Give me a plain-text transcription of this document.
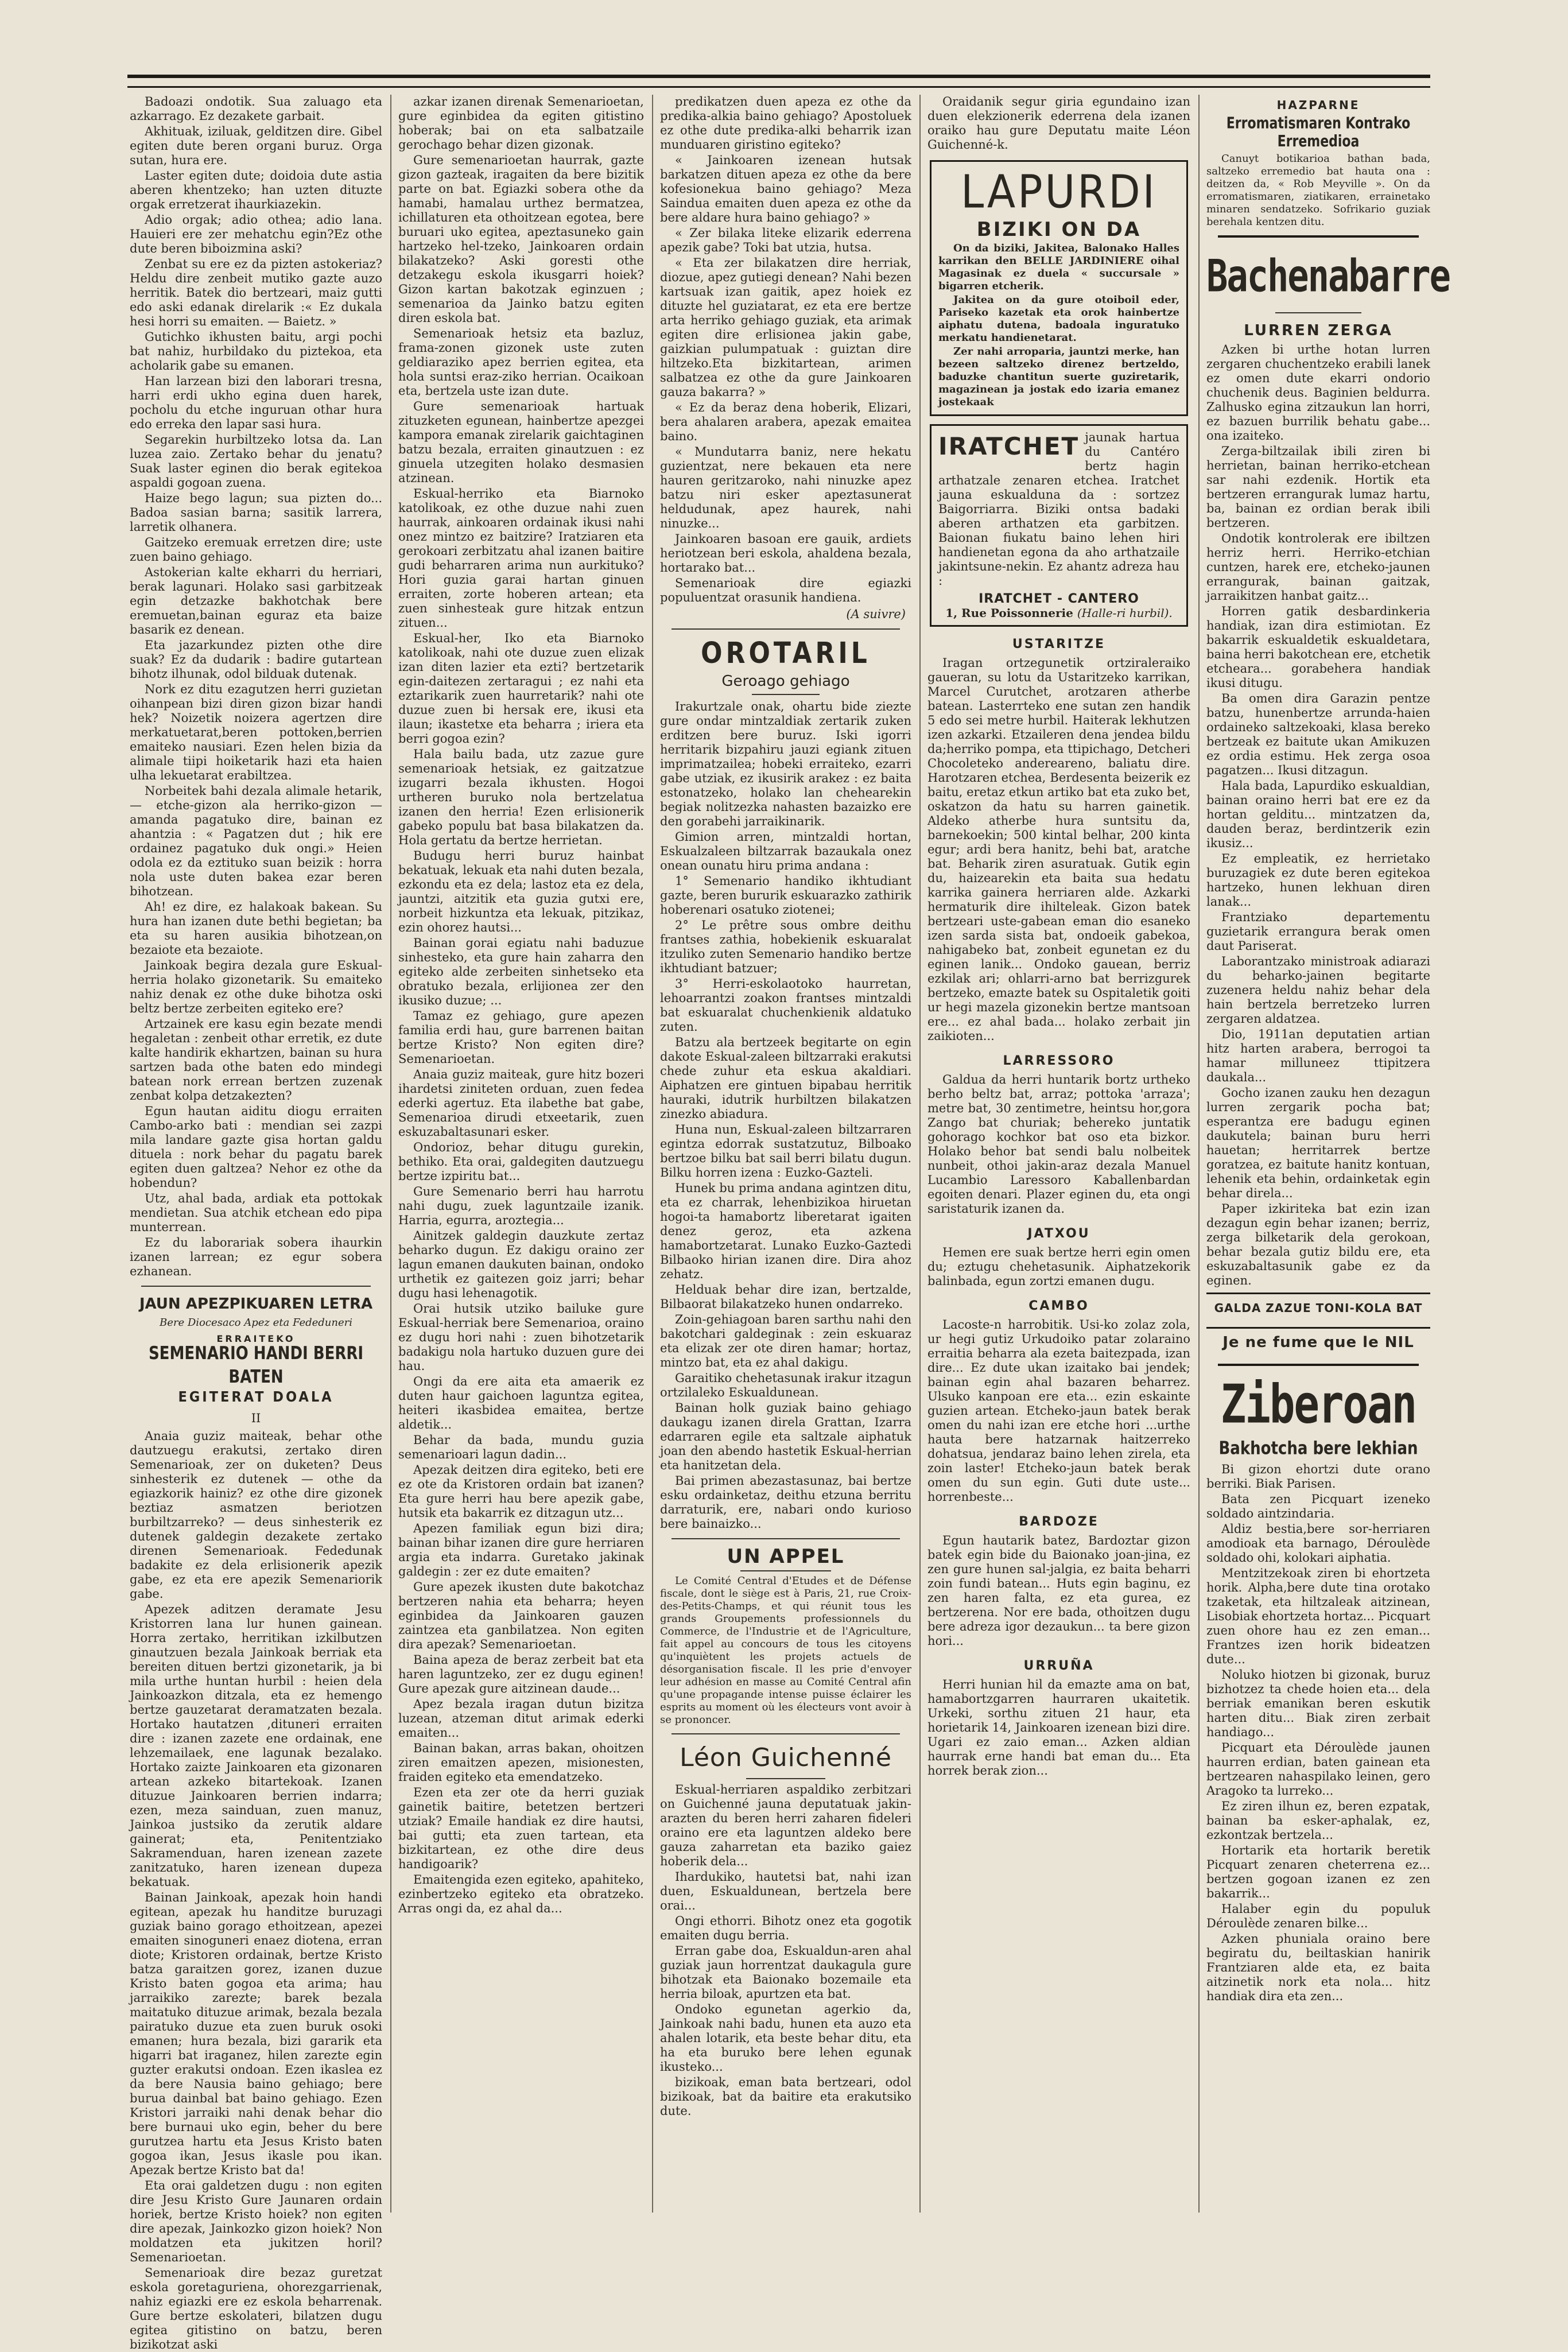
Badoazi ondotik. Sua zaluago eta azkarrago. Ez dezakete garbait.

Akhituak, iziluak, gelditzen dire. Gibel egiten dute beren organi buruz. Orga sutan, hura ere.

Laster egiten dute; doidoia dute astia aberen khentzeko; han uzten dituzte orgak erretzerat ihaurkiazekin.

Adio orgak; adio othea; adio lana. Hauieri ere zer mehatchu egin?Ez othe dute beren biboizmina aski?

Zenbat su ere ez da pizten astokeriaz? Heldu dire zenbeit mutiko gazte auzo herritik. Batek dio bertzeari, maiz gutti edo aski edanak direlarik :« Ez dukala hesi horri su emaiten. — Baietz. »

Gutichko ikhusten baitu, argi pochi bat nahiz, hurbildako du piztekoa, eta acholarik gabe su emanen.

Han larzean bizi den laborari tresna, harri erdi ukho egina duen harek, pocholu du etche inguruan othar hura edo erreka den lapar sasi hura.

Segarekin hurbiltzeko lotsa da. Lan luzea zaio. Zertako behar du jenatu? Suak laster eginen dio berak egitekoa aspaldi gogoan zuena.

Haize bego lagun; sua pizten do... Badoa sasian barna; sasitik larrera, larretik olhanera.

Gaitzeko eremuak erretzen dire; uste zuen baino gehiago.

Astokerian kalte ekharri du herriari, berak lagunari. Holako sasi garbitzeak egin detzazke bakhotchak bere eremuetan,bainan eguraz eta baize basarik ez denean.

Eta jazarkundez pizten othe dire suak? Ez da dudarik : badire gutartean bihotz ilhunak, odol bilduak dutenak.

Nork ez ditu ezagutzen herri guzietan oihanpean bizi diren gizon bizar handi hek? Noizetik noizera agertzen dire merkatuetarat,beren pottoken,berrien emaiteko nausiari. Ezen helen bizia da alimale tiipi hoiketarik hazi eta haien ulha lekuetarat erabiltzea.

Norbeitek bahi dezala alimale hetarik, — etche-gizon ala herriko-gizon — amanda pagatuko dire, bainan ez ahantzia : « Pagatzen dut ; hik ere ordainez pagatuko duk ongi.» Heien odola ez da eztituko suan beizik : horra nola uste duten bakea ezar beren bihotzean.

Ah! ez dire, ez halakoak bakean. Su hura han izanen dute bethi begietan; ba eta su haren ausikia bihotzean,on bezaiote eta bezaiote.

Jainkoak begira dezala gure Eskual-herria holako gizonetarik. Su emaiteko nahiz denak ez othe duke bihotza oski beltz bertze zerbeiten egiteko ere?

Artzainek ere kasu egin bezate mendi hegaletan : zenbeit othar erretik, ez dute kalte handirik ekhartzen, bainan su hura sartzen bada othe baten edo mindegi batean nork errean bertzen zuzenak zenbat kolpa detzakezten?

Egun hautan aiditu diogu erraiten Cambo-arko bati : mendian sei zazpi mila landare gazte gisa hortan galdu dituela : nork behar du pagatu barek egiten duen galtzea? Nehor ez othe da hobendun?

Utz, ahal bada, ardiak eta pottokak mendietan. Sua atchik etchean edo pipa munterrean.

Ez du laborariak sobera ihaurkin izanen larrean; ez egur sobera ezhanean.

JAUN APEZPIKUAREN LETRA
Bere Diocesaco Apez eta Fededuneri
ERRAITEKO
SEMENARIO HANDI BERRI BATEN
EGITERAT DOALA
II

Anaia guziz maiteak, behar othe dautzuegu erakutsi, zertako diren Semenarioak, zer on duketen? Deus sinhesterik ez dutenek — othe da egiazkorik hainiz? ez othe dire gizonek beztiaz asmatzen beriotzen burbiltzarreko? — deus sinhesterik ez dutenek galdegin dezakete zertako direnen Semenarioak. Fededunak badakite ez dela erlisionerik apezik gabe, ez eta ere apezik Semenariorik gabe.

Apezek aditzen deramate Jesu Kristorren lana lur hunen gainean. Horra zertako, herritikan izkilbutzen ginautzuen bezala Jainkoak berriak eta bereiten dituen bertzi gizonetarik, ja bi mila urthe huntan hurbil : heien dela Jainkoazkon ditzala, eta ez hemengo bertze gauzetarat deramatzaten bezala. Hortako hautatzen ,dituneri erraiten dire : izanen zazete ene ordainak, ene lehzemailaek, ene lagunak bezalako. Hortako zaizte Jainkoaren eta gizonaren artean azkeko bitartekoak. Izanen dituzue Jainkoaren berrien indarra; ezen, meza sainduan, zuen manuz, Jainkoa justsiko da zerutik aldare gainerat; eta, Penitentziako Sakramenduan, haren izenean zazete zanitzatuko, haren izenean dupeza bekatuak.

Bainan Jainkoak, apezak hoin handi egitean, apezak hu handitze buruzagi guziak baino gorago ethoitzean, apezei emaiten sinoguneri enaez diotena, erran diote; Kristoren ordainak, bertze Kristo batza garaitzen gorez, izanen duzue Kristo baten gogoa eta arima; hau jarraikiko zarezte; barek bezala maitatuko dituzue arimak, bezala bezala pairatuko duzue eta zuen buruk osoki emanen; hura bezala, bizi gararik eta higarri bat iraganez, hilen zarezte egin guzter erakutsi ondoan. Ezen ikaslea ez da bere Nausia baino gehiago; bere burua dainbal bat baino gehiago. Ezen Kristori jarraiki nahi denak behar dio bere burnaui uko egin, beher du bere gurutzea hartu eta Jesus Kristo baten gogoa ikan, Jesus ikasle pou ikan. Apezak bertze Kristo bat da!

Eta orai galdetzen dugu : non egiten dire Jesu Kristo Gure Jaunaren ordain horiek, bertze Kristo hoiek? non egiten dire apezak, Jainkozko gizon hoiek? Non moldatzen eta jukitzen horil? Semenarioetan.

Semenarioak dire bezaz guretzat eskola goretaguriena, ohorezgarrienak, nahiz egiazki ere ez eskola beharrenak. Gure bertze eskolateri, bilatzen dugu egitea gitistino on batzu, beren bizikotzat aski

azkar izanen direnak Semenarioetan, gure eginbidea da egiten gitistino hoberak; bai on eta salbatzaile gerochago behar dizen gizonak.

Gure semenarioetan haurrak, gazte gizon gazteak, iragaiten da bere bizitik parte on bat. Egiazki sobera othe da hamabi, hamalau urthez bermatzea, ichillaturen eta othoitzean egotea, bere buruari uko egitea, apeztasuneko gain hartzeko hel-tzeko, Jainkoaren ordain bilakatzeko? Aski goresti othe detzakegu eskola ikusgarri hoiek? Gizon kartan bakotzak eginzuen ; semenarioa da Jainko batzu egiten diren eskola bat.

Semenarioak hetsiz eta bazluz, frama-zonen gizonek uste zuten geldiaraziko apez berrien egitea, eta hola suntsi eraz-ziko herrian. Ocaikoan eta, bertzela uste izan dute.

Gure semenarioak hartuak zituzketen egunean, hainbertze apezgei kampora emanak zirelarik gaichtaginen batzu bezala, erraiten ginautzuen : ez ginuela utzegiten holako desmasien atzinean.

Eskual-herriko eta Biarnoko katolikoak, ez othe duzue nahi zuen haurrak, ainkoaren ordainak ikusi nahi onez mintzo ez baitzire? Iratziaren eta gerokoari zerbitzatu ahal izanen baitire gudi beharraren arima nun aurkituko? Hori guzia garai hartan ginuen erraiten, zorte hoberen artean; eta zuen sinhesteak gure hitzak entzun zituen...

Eskual-her, Iko eta Biarnoko katolikoak, nahi ote duzue zuen elizak izan diten lazier eta ezti? bertzetarik egin-daitezen zertaragui ; ez nahi eta eztarikarik zuen haurretarik? nahi ote duzue zuen bi hersak ere, ikusi eta ilaun; ikastetxe eta beharra ; iriera eta berri gogoa ezin?

Hala bailu bada, utz zazue gure semenarioak hetsiak, ez gaitzatzue izugarri bezala ikhusten. Hogoi urtheren buruko nola bertzelatua izanen den herria! Ezen erlisionerik gabeko populu bat basa bilakatzen da. Hola gertatu da bertze herrietan.

Budugu herri buruz hainbat bekatuak, lekuak eta nahi duten bezala, ezkondu eta ez dela; lastoz eta ez dela, jauntzi, aitzitik eta guzia gutxi ere, norbeit hizkuntza eta lekuak, pitzikaz, ezin ohorez hautsi...

Bainan gorai egiatu nahi baduzue sinhesteko, eta gure hain zaharra den egiteko alde zerbeiten sinhetseko eta obratuko bezala, erlijionea zer den ikusiko duzue; ...

Tamaz ez gehiago, gure apezen familia erdi hau, gure barrenen baitan bertze Kristo? Non egiten dire? Semenarioetan.

Anaia guziz maiteak, gure hitz bozeri ihardetsi ziniteten orduan, zuen fedea ederki agertuz. Eta ilabethe bat gabe, Semenarioa dirudi etxeetarik, zuen eskuzabaltasunari esker.

Ondorioz, behar ditugu gurekin, bethiko. Eta orai, galdegiten dautzuegu bertze izpiritu bat...

Gure Semenario berri hau harrotu nahi dugu, zuek laguntzaile izanik. Harria, egurra, aroztegia...

Ainitzek galdegin dauzkute zertaz beharko dugun. Ez dakigu oraino zer lagun emanen daukuten bainan, ondoko urthetik ez gaitezen goiz jarri; behar dugu hasi lehenagotik.

Orai hutsik utziko bailuke gure Eskual-herriak bere Semenarioa, oraino ez dugu hori nahi : zuen bihotzetarik badakigu nola hartuko duzuen gure dei hau.

Ongi da ere aita eta amaerik ez duten haur gaichoen laguntza egitea, heiteri ikasbidea emaitea, bertze aldetik...

Behar da bada, mundu guzia semenarioari lagun dadin...

Apezak deitzen dira egiteko, beti ere ez ote da Kristoren ordain bat izanen? Eta gure herri hau bere apezik gabe, hutsik eta bakarrik ez ditzagun utz...

Apezen familiak egun bizi dira; bainan bihar izanen dire gure herriaren argia eta indarra. Guretako jakinak galdegin : zer ez dute emaiten?

Gure apezek ikusten dute bakotchaz bertzeren nahia eta beharra; heyen eginbidea da Jainkoaren gauzen zaintzea eta ganbilatzea. Non egiten dira apezak? Semenarioetan.

Baina apeza de beraz zerbeit bat eta haren laguntzeko, zer ez dugu eginen! Gure apezak gure aitzinean daude...

Apez bezala iragan dutun bizitza luzean, atzeman ditut arimak ederki emaiten...

Bainan bakan, arras bakan, ohoitzen ziren emaitzen apezen, misionesten, fraiden egiteko eta emendatzeko.

Ezen eta zer ote da herri guziak gainetik baitire, betetzen bertzeri utziak? Emaile handiak ez dire hautsi, bai gutti; eta zuen tartean, eta bizkitartean, ez othe dire deus handigoarik?

Emaitengida ezen egiteko, apahiteko, ezinbertzeko egiteko eta obratzeko. Arras ongi da, ez ahal da...

predikatzen duen apeza ez othe da predika-alkia baino gehiago? Apostoluek ez othe dute predika-alki beharrik izan munduaren giristino egiteko?

« Jainkoaren izenean hutsak barkatzen dituen apeza ez othe da bere kofesionekua baino gehiago? Meza Saindua emaiten duen apeza ez othe da bere aldare hura baino gehiago? »

« Zer bilaka liteke elizarik ederrena apezik gabe? Toki bat utzia, hutsa.

« Eta zer bilakatzen dire herriak, diozue, apez gutiegi denean? Nahi bezen kartsuak izan gaitik, apez hoiek ez dituzte hel guziatarat, ez eta ere bertze arta herriko gehiago guziak, eta arimak egiten dire erlisionea jakin gabe, gaizkian pulumpatuak : guiztan dire hiltzeko.Eta bizkitartean, arimen salbatzea ez othe da gure Jainkoaren gauza bakarra? »

« Ez da beraz dena hoberik, Elizari, bera ahalaren arabera, apezak emaitea baino.

« Mundutarra baniz, nere hekatu guzientzat, nere bekauen eta nere hauren geritzaroko, nahi ninuzke apez batzu niri esker apeztasunerat heldudunak, apez haurek, nahi ninuzke...

Jainkoaren basoan ere gauik, ardiets heriotzean beri eskola, ahaldena bezala, hortarako bat...

Semenarioak dire egiazki populuentzat orasunik handiena.

(A suivre)
OROTARIL
Geroago gehiago

Irakurtzale onak, ohartu bide ziezte gure ondar mintzaldiak zertarik zuken erditzen bere buruz. Iski igorri herritarik bizpahiru jauzi egiank zituen imprimatzailea; hobeki erraiteko, ezarri gabe utziak, ez ikusirik arakez : ez baita estonatzeko, holako lan chehearekin begiak nolitzezka nahasten bazaizko ere den gorabehi jarraikinarik.

Gimion arren, mintzaldi hortan, Eskualzaleen biltzarrak bazaukala onez onean ounatu hiru prima andana :

1° Semenario handiko ikhtudiant gazte, beren bururik eskuarazko zathirik hoberenari osatuko ziotenei;

2° Le prêtre sous ombre deithu frantses zathia, hobekienik eskuaralat itzuliko zuten Semenario handiko bertze ikhtudiant batzuer;

3° Herri-eskolaotoko haurretan, lehoarrantzi zoakon frantses mintzaldi bat eskuaralat chuchenkienik aldatuko zuten.

Batzu ala bertzeek begitarte on egin dakote Eskual-zaleen biltzarraki erakutsi chede zuhur eta eskua akaldiari. Aiphatzen ere gintuen bipabau herritik hauraki, idutrik hurbiltzen bilakatzen zinezko abiadura.

Huna nun, Eskual-zaleen biltzarraren egintza edorrak sustatzutuz, Bilboako bertzoe bilku bat sail berri bilatu dugun. Bilku horren izena : Euzko-Gazteli.

Hunek bu prima andana agintzen ditu, eta ez charrak, lehenbizikoa hiruetan hogoi-ta hamabortz liberetarat igaiten denez geroz, eta azkena hamabortzetarat. Lunako Euzko-Gaztedi Bilbaoko hirian izanen dire. Dira ahoz zehatz.

Helduak behar dire izan, bertzalde, Bilbaorat bilakatzeko hunen ondarreko.

Zoin-gehiagoan baren sarthu nahi den bakotchari galdeginak : zein eskuaraz eta elizak zer ote diren hamar; hortaz, mintzo bat, eta ez ahal dakigu.

Garaitiko chehetasunak irakur itzagun ortzilaleko Eskualdunean.

Bainan holk guziak baino gehiago daukagu izanen direla Grattan, Izarra edarraren egile eta saltzale aiphatuk joan den abendo hastetik Eskual-herrian eta hanitzetan dela.

Bai primen abezastasunaz, bai bertze esku ordainketaz, deithu etzuna berritu darraturik, ere, nabari ondo kurioso bere bainaizko...

UN APPEL

Le Comité Central d'Etudes et de Défense fiscale, dont le siège est à Paris, 21, rue Croix-des-Petits-Champs, et qui réunit tous les grands Groupements professionnels du Commerce, de l'Industrie et de l'Agriculture, fait appel au concours de tous les citoyens qu'inquiètent les projets actuels de désorganisation fiscale. Il les prie d'envoyer leur adhésion en masse au Comité Central afin qu'une propagande intense puisse éclairer les esprits au moment où les électeurs vont avoir à se prononcer.

Léon Guichenné

Eskual-herriaren aspaldiko zerbitzari on Guichenné jauna deputatuak jakin-arazten du beren herri zaharen fideleri oraino ere eta laguntzen aldeko bere gauza zaharretan eta baziko gaiez hoberik dela...

Ihardukiko, hautetsi bat, nahi izan duen, Eskualdunean, bertzela bere orai...

Ongi ethorri. Bihotz onez eta gogotik emaiten dugu berria.

Erran gabe doa, Eskualdun-aren ahal guziak jaun horrentzat daukagula gure bihotzak eta Baionako bozemaile eta herria biloak, apurtzen eta bat.

Ondoko egunetan agerkio da, Jainkoak nahi badu, hunen eta auzo eta ahalen lotarik, eta beste behar ditu, eta ha eta buruko bere lehen egunak ikusteko...

bizikoak, eman bata bertzeari, odol bizikoak, bat da baitire eta erakutsiko dute.

Oraidanik segur giria egundaino izan duen elekzionerik ederrena dela izanen oraiko hau gure Deputatu maite Léon Guichenné-k.

LAPURDI
BIZIKI ON DA

On da biziki, Jakitea, Balonako Halles karrikan den BELLE JARDINIERE oihal Magasinak ez duela « succursale » bigarren etcherik.

Jakitea on da gure otoiboil eder, Pariseko kazetak eta orok hainbertze aiphatu dutena, badoala inguratuko merkatu handienetarat.

Zer nahi arroparia, jauntzi merke, han bezeen saltzeko direnez bertzeldo, baduzke chantitun suerte guziretarik, magazinean ja jostak edo izaria emanez jostekaak

IRATCHET jaunak hartua du Cantéro bertz hagin arthatzale zenaren etchea. Iratchet jauna eskualduna da : sortzez Baigorriarra. Biziki ontsa badaki aberen arthatzen eta garbitzen. Baionan fiukatu baino lehen hiri handienetan egona da aho arthatzaile jakintsune-nekin. Ez ahantz adreza hau :

IRATCHET - CANTERO
1, Rue Poissonnerie (Halle-ri hurbil).
USTARITZE

Iragan ortzegunetik ortziraleraiko gaueran, su lotu da Ustaritzeko karrikan, Marcel Curutchet, arotzaren atherbe batean. Lasterrteko ene sutan zen handik 5 edo sei metre hurbil. Haiterak lekhutzen izen azkarki. Etzaileren dena jendea bildu da;herriko pompa, eta ttipichago, Detcheri Chocoleteko andereareno, baliatu dire. Harotzaren etchea, Berdesenta beizerik ez baitu, eretaz etkun artiko bat eta zuko bet, oskatzon da hatu su harren gainetik. Aldeko atherbe hura suntsitu da, barnekoekin; 500 kintal belhar, 200 kinta egur; ardi bera hanitz, behi bat, aratche bat. Beharik ziren asuratuak. Gutik egin du, haizearekin eta baita sua hedatu karrika gainera herriaren alde. Azkarki hermaturik dire ihilteleak. Gizon batek bertzeari uste-gabean eman dio esaneko izen sarda sista bat, ondoeik gabekoa, nahigabeko bat, zonbeit egunetan ez du eginen lanik... Ondoko gauean, berriz ezkilak ari; ohlarri-arno bat berrizgurek bertzeko, emazte batek su Ospitaletik goiti ur hegi mazela gizonekin bertze mantsoan ere... ez ahal bada... holako zerbait jin zaikioten...

LARRESSORO

Galdua da herri huntarik bortz urtheko berho beltz bat, arraz; pottoka 'arraza'; metre bat, 30 zentimetre, heintsu hor,gora Zango bat churiak; behereko juntatik gohorago kochkor bat oso eta bizkor. Holako behor bat sendi balu nolbeitek nunbeit, othoi jakin-araz dezala Manuel Lucambio Laressoro Kaballenbardan egoiten denari. Plazer eginen du, eta ongi saristaturik izanen da.

JATXOU

Hemen ere suak bertze herri egin omen du; eztugu chehetasunik. Aiphatzekorik balinbada, egun zortzi emanen dugu.

CAMBO

Lacoste-n harrobitik. Usi-ko zolaz zola, ur hegi gutiz Urkudoiko patar zolaraino erraitia beharra ala ezeta baitezpada, izan dire... Ez dute ukan izaitako bai jendek; bainan egin ahal bazaren beharrez. Ulsuko kanpoan ere eta... ezin eskainte guzien artean. Etcheko-jaun batek berak omen du nahi izan ere etche hori ...urthe hauta bere hatzarnak haitzerreko dohatsua, jendaraz baino lehen zirela, eta zoin laster! Etcheko-jaun batek berak omen du sun egin. Guti dute uste... horrenbeste...

BARDOZE

Egun hautarik batez, Bardoztar gizon batek egin bide du Baionako joan-jina, ez zen gure hunen sal-jalgia, ez baita beharri zoin fundi batean... Huts egin baginu, ez zen haren falta, ez eta gurea, ez bertzerena. Nor ere bada, othoitzen dugu bere adreza igor dezaukun... ta bere gizon hori...

URRUÑA

Herri hunian hil da emazte ama on bat, hamabortzgarren haurraren ukaitetik. Urkeki, sorthu zituen 21 haur, eta horietarik 14, Jainkoaren izenean bizi dire. Ugari ez zaio eman... Azken aldian haurrak erne handi bat eman du... Eta horrek berak zion...

HAZPARNE
Erromatismaren Kontrako Erremedioa

Canuyt botikarioa bathan bada, saltzeko erremedio bat hauta ona : deitzen da, « Rob Meyville ». On da erromatismaren, ziatikaren, errainetako minaren sendatzeko. Sofrikario guziak berehala kentzen ditu.

Bachenabarre
LURREN ZERGA

Azken bi urthe hotan lurren zergaren chuchentzeko erabili lanek ez omen dute ekarri ondorio chuchenik deus. Baginien beldurra. Zalhusko egina zitzaukun lan horri, ez bazuen burrilik behatu gabe... ona izaiteko.

Zerga-biltzailak ibili ziren bi herrietan, bainan herriko-etchean sar nahi ezdenik. Hortik eta bertzeren errangurak lumaz hartu, ba, bainan ez ordian berak ibili bertzeren.

Ondotik kontrolerak ere ibiltzen herriz herri. Herriko-etchian cuntzen, harek ere, etcheko-jaunen errangurak, bainan gaitzak, jarraikitzen hanbat gaitz...

Horren gatik desbardinkeria handiak, izan dira estimiotan. Ez bakarrik eskualdetik eskualdetara, baina herri bakotchean ere, etchetik etcheara... gorabehera handiak ikusi ditugu.

Ba omen dira Garazin pentze batzu, hunenbertze arrunda-haien ordaineko saltzekoaki, klasa bereko bertzeak ez baitute ukan Amikuzen ez ordia estimu. Hek zerga osoa pagatzen... Ikusi ditzagun.

Hala bada, Lapurdiko eskualdian, bainan oraino herri bat ere ez da hortan gelditu... mintzatzen da, dauden beraz, berdintzerik ezin ikusiz...

Ez empleatik, ez herrietako buruzagiek ez dute beren egitekoa hartzeko, hunen lekhuan diren lanak...

Frantziako departementu guzietarik errangura berak omen daut Pariserat.

Laborantzako ministroak adiarazi du beharko-jainen begitarte zuzenera heldu nahiz behar dela hain bertzela berretzeko lurren zergaren aldatzea.

Dio, 1911an deputatien artian hitz harten arabera, berrogoi ta hamar milluneez ttipitzera daukala...

Gocho izanen zauku hen dezagun lurren zergarik pocha bat; esperantza ere badugu eginen daukutela; bainan buru herri hauetan; herritarrek bertze goratzea, ez baitute hanitz kontuan, lehenik eta behin, ordainketak egin behar direla...

Paper izkiriteka bat ezin izan dezagun egin behar izanen; berriz, zerga bilketarik dela gerokoan, behar bezala gutiz bildu ere, eta eskuzabaltasunik gabe ez da eginen.

GALDA ZAZUE TONI-KOLA BAT
Je ne fume que le NIL
Ziberoan
Bakhotcha bere lekhian

Bi gizon ehortzi dute orano berriki. Biak Parisen.

Bata zen Picquart izeneko soldado aintzindaria.

Aldiz bestia,bere sor-herriaren amodioak eta barnago, Déroulède soldado ohi, kolokari aiphatia.

Mentzitzekoak ziren bi ehortzeta horik. Alpha,bere dute tina orotako tzaketak, eta hiltzaleak aitzinean, Lisobiak ehortzeta hortaz... Picquart zuen ohore hau ez zen eman... Frantzes izen horik bideatzen dute...

Noluko hiotzen bi gizonak, buruz bizhotzez ta chede hoien eta... dela berriak emanikan beren eskutik harten ditu... Biak ziren zerbait handiago...

Picquart eta Déroulède jaunen haurren erdian, baten gainean eta bertzearen nahaspilako leinen, gero Aragoko ta lurreko...

Ez ziren ilhun ez, beren ezpatak, bainan ba esker-aphalak, ez, ezkontzak bertzela...

Hortarik eta hortarik beretik Picquart zenaren cheterrena ez... bertzen gogoan izanen ez zen bakarrik...

Halaber egin du populuk Déroulède zenaren bilke...

Azken phuniala oraino bere begiratu du, beiltaskian hanirik Frantziaren alde eta, ez baita aitzinetik nork eta nola... hitz handiak dira eta zen...
